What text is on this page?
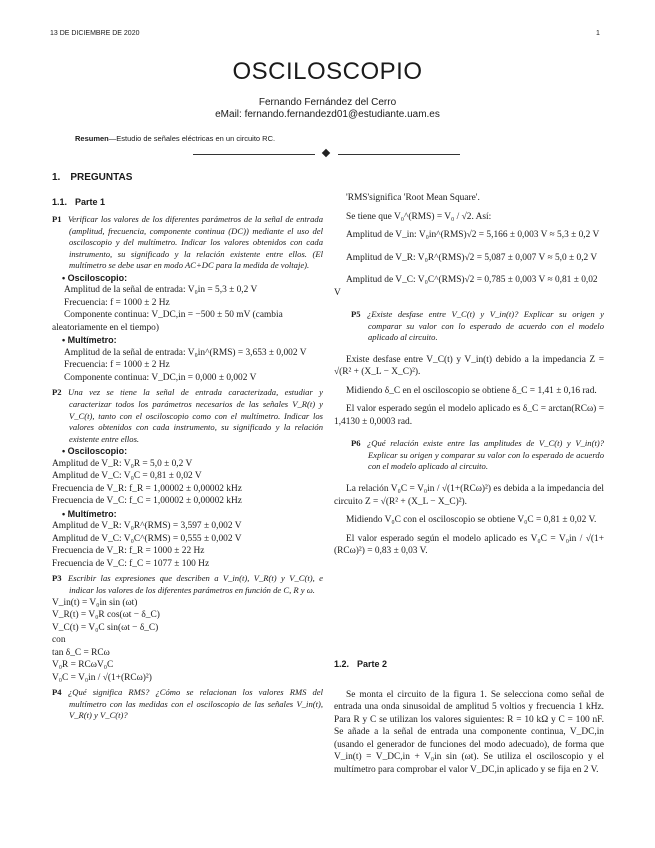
13 DE DICIEMBRE DE 2020	1
OSCILOSCOPIO
Fernando Fernández del Cerro
eMail: fernando.fernandezd01@estudiante.uam.es
Resumen—Estudio de señales eléctricas en un circuito RC.
1. PREGUNTAS
1.1. Parte 1

P1 Verificar los valores de los diferentes parámetros de la señal de entrada (amplitud, frecuencia, componente continua (DC)) mediante el uso del osciloscopio y del multímetro. Indicar los valores obtenidos con cada instrumento, su significado y la relación existente entre ellos. (El multímetro se debe usar en modo AC+DC para la medida de voltaje).

• Osciloscopio:

Amplitud de la señal de entrada: V₀in = 5,3 ± 0,2 V

Frecuencia: f = 1000 ± 2 Hz

Componente continua: V_DC,in = −500 ± 50 mV (cambia aleatoriamente en el tiempo)

• Multímetro:

Amplitud de la señal de entrada: V₀in^(RMS) = 3,653 ± 0,002 V

Frecuencia: f = 1000 ± 2 Hz

Componente continua: V_DC,in = 0,000 ± 0,002 V

P2 Una vez se tiene la señal de entrada caracterizada, estudiar y caracterizar todos los parámetros necesarios de las señales V_R(t) y V_C(t), tanto con el osciloscopio como con el multímetro. Indicar los valores obtenidos con cada instrumento, su significado y la relación existente entre ellos.

• Osciloscopio:

Amplitud de V_R: V₀R = 5,0 ± 0,2 V

Amplitud de V_C: V₀C = 0,81 ± 0,02 V

Frecuencia de V_R: f_R = 1,00002 ± 0,00002 kHz

Frecuencia de V_C: f_C = 1,00002 ± 0,00002 kHz

• Multímetro:

Amplitud de V_R: V₀R^(RMS) = 3,597 ± 0,002 V

Amplitud de V_C: V₀C^(RMS) = 0,555 ± 0,002 V

Frecuencia de V_R: f_R = 1000 ± 22 Hz

Frecuencia de V_C: f_C = 1077 ± 100 Hz

P3 Escribir las expresiones que describen a V_in(t), V_R(t) y V_C(t), e indicar los valores de los diferentes parámetros en función de C, R y ω.

V_in(t) = V₀in sin (ωt)

V_R(t) = V₀R cos(ωt − δ_C)

V_C(t) = V₀C sin(ωt − δ_C)

con

tan δ_C = RCω

V₀R = RCωV₀C

V₀C = V₀in / √(1+(RCω)²)

P4 ¿Qué significa RMS? ¿Cómo se relacionan los valores RMS del multímetro con las medidas con el osciloscopio de las señales V_in(t), V_R(t) y V_C(t)?

'RMS'significa 'Root Mean Square'.

Se tiene que V₀^(RMS) = V₀ / √2. Así:

Amplitud de V_in: V₀in^(RMS)√2 = 5,166 ± 0,003 V ≈ 5,3 ± 0,2 V

Amplitud de V_R: V₀R^(RMS)√2 = 5,087 ± 0,007 V ≈ 5,0 ± 0,2 V

Amplitud de V_C: V₀C^(RMS)√2 = 0,785 ± 0,003 V ≈ 0,81 ± 0,02 V

P5 ¿Existe desfase entre V_C(t) y V_in(t)? Explicar su origen y comparar su valor con lo esperado de acuerdo con el modelo aplicado al circuito.

Existe desfase entre V_C(t) y V_in(t) debido a la impedancia Z = √(R² + (X_L − X_C)²).

Midiendo δ_C en el osciloscopio se obtiene δ_C = 1,41 ± 0,16 rad.

El valor esperado según el modelo aplicado es δ_C = arctan(RCω) = 1,4130 ± 0,0003 rad.

P6 ¿Qué relación existe entre las amplitudes de V_C(t) y V_in(t)? Explicar su origen y comparar su valor con lo esperado de acuerdo con el modelo aplicado al circuito.

La relación V₀C = V₀in / √(1+(RCω)²) es debida a la impedancia del circuito Z = √(R² + (X_L − X_C)²).

Midiendo V₀C con el osciloscopio se obtiene V₀C = 0,81 ± 0,02 V.

El valor esperado según el modelo aplicado es V₀C = V₀in / √(1+(RCω)²) = 0,83 ± 0,03 V.

1.2. Parte 2

Se monta el circuito de la figura 1. Se selecciona como señal de entrada una onda sinusoidal de amplitud 5 voltios y frecuencia 1 kHz. Para R y C se utilizan los valores siguientes: R = 10 kΩ y C = 100 nF. Se añade a la señal de entrada una componente continua, V_DC,in (usando el generador de funciones del modo adecuado), de forma que V_in(t) = V_DC,in + V₀in sin (ωt). Se utiliza el osciloscopio y el multímetro para comprobar el valor V_DC,in aplicado y se fija en 2 V.
